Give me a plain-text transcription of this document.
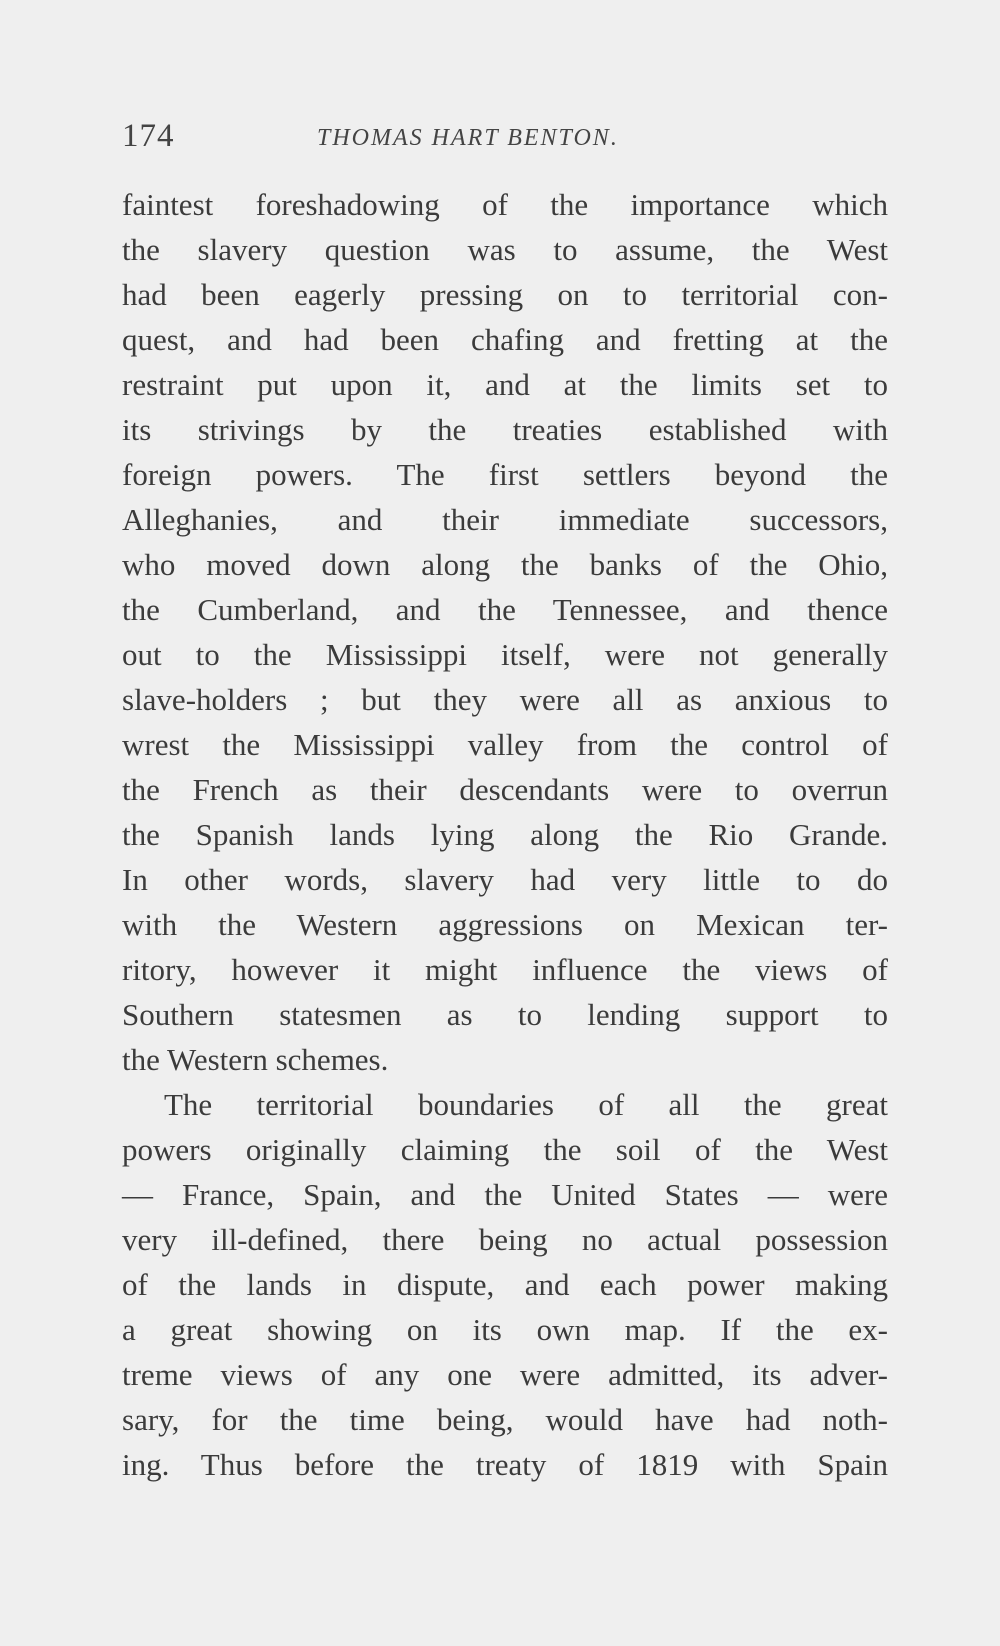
174	THOMAS HART BENTON.
faintest foreshadowing of the importance which
the slavery question was to assume, the West
had been eagerly pressing on to territorial con-
quest, and had been chafing and fretting at the
restraint put upon it, and at the limits set to
its strivings by the treaties established with
foreign powers. The first settlers beyond the
Alleghanies, and their immediate successors,
who moved down along the banks of the Ohio,
the Cumberland, and the Tennessee, and thence
out to the Mississippi itself, were not generally
slave-holders ; but they were all as anxious to
wrest the Mississippi valley from the control of
the French as their descendants were to overrun
the Spanish lands lying along the Rio Grande.
In other words, slavery had very little to do
with the Western aggressions on Mexican ter-
ritory, however it might influence the views of
Southern statesmen as to lending support to
the Western schemes.
The territorial boundaries of all the great
powers originally claiming the soil of the West
— France, Spain, and the United States — were
very ill-defined, there being no actual possession
of the lands in dispute, and each power making
a great showing on its own map. If the ex-
treme views of any one were admitted, its adver-
sary, for the time being, would have had noth-
ing. Thus before the treaty of 1819 with Spain
